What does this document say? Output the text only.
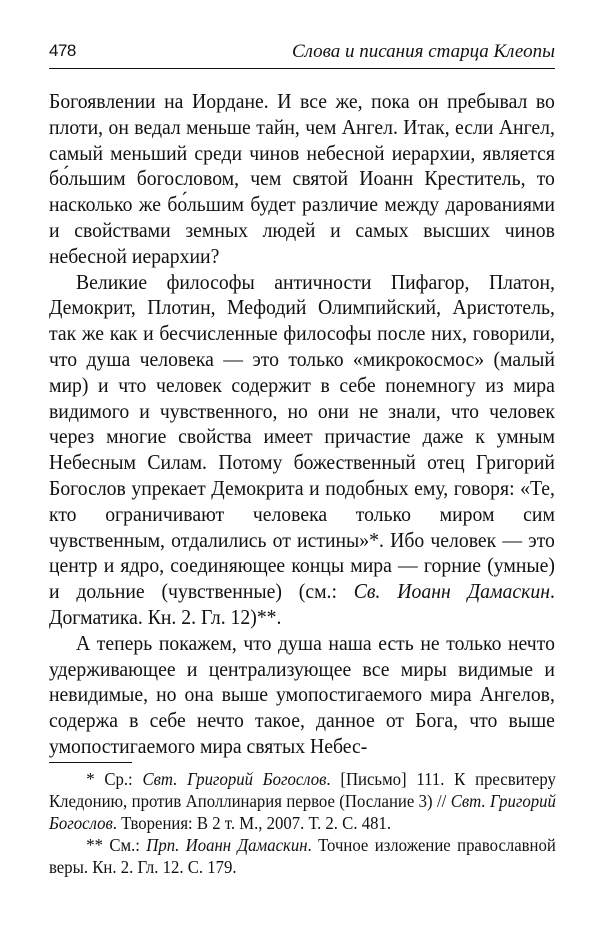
478	Слова и писания старца Клеопы

Богоявлении на Иордане. И все же, пока он пребывал во плоти, он ведал меньше тайн, чем Ангел. Итак, если Ангел, самый меньший среди чинов небесной иерархии, является бо́льшим богословом, чем святой Иоанн Креститель, то насколько же бо́льшим будет различие между дарованиями и свойствами земных людей и самых высших чинов небесной иерархии?

Великие философы античности Пифагор, Платон, Демокрит, Плотин, Мефодий Олимпийский, Аристотель, так же как и бесчисленные философы после них, говорили, что душа человека — это только «микрокосмос» (малый мир) и что человек содержит в себе понемногу из мира видимого и чувственного, но они не знали, что человек через многие свойства имеет причастие даже к умным Небесным Силам. Потому божественный отец Григорий Богослов упрекает Демокрита и подобных ему, говоря: «Те, кто ограничивают человека только миром сим чувственным, отдалились от истины»*. Ибо человек — это центр и ядро, соединяющее концы мира — горние (умные) и дольние (чувственные) (см.: Св. Иоанн Дамаскин. Догматика. Кн. 2. Гл. 12)**.

А теперь покажем, что душа наша есть не только нечто удерживающее и централизующее все миры видимые и невидимые, но она выше умопостигаемого мира Ангелов, содержа в себе нечто такое, данное от Бога, что выше умопостигаемого мира святых Небес-

* Ср.: Свт. Григорий Богослов. [Письмо] 111. К пресвитеру Кледонию, против Аполлинария первое (Послание 3) // Свт. Григорий Богослов. Творения: В 2 т. М., 2007. Т. 2. С. 481.

** См.: Прп. Иоанн Дамаскин. Точное изложение православной веры. Кн. 2. Гл. 12. С. 179.
